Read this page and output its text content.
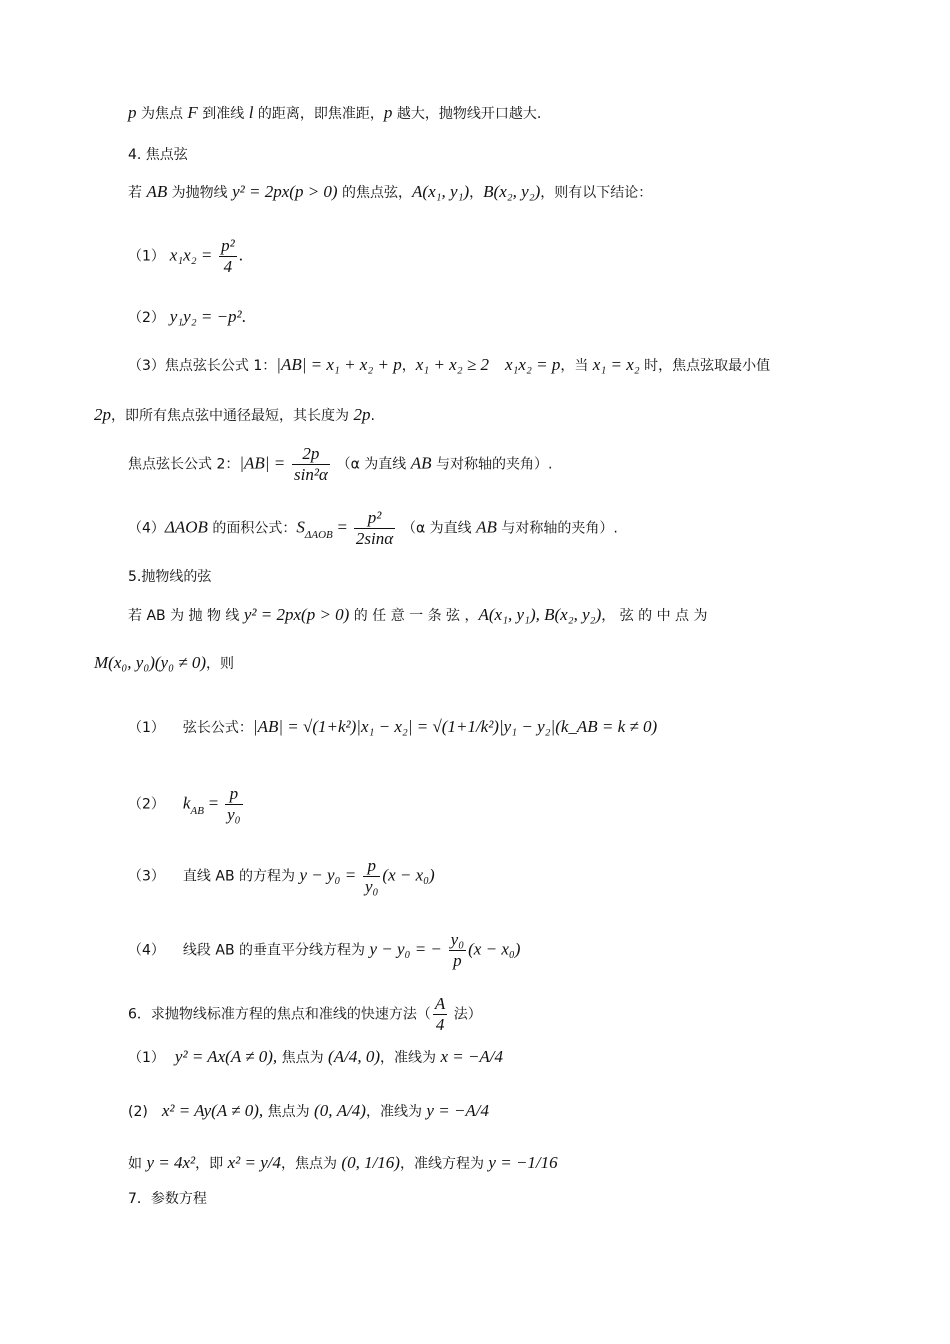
p 为焦点 F 到准线 l 的距离，即焦准距，p 越大，抛物线开口越大.
4. 焦点弦
若 AB 为抛物线 y² = 2px(p > 0) 的焦点弦，A(x₁, y₁)，B(x₂, y₂)，则有以下结论：
（1） $x_1x_2 = \frac{\text{p²}}{4}$ .
（2） y₁y₂ = −p².
（3）焦点弦长公式 1：|AB| = x₁ + x₂ + p，x₁ + x₂ ≥ 2 x₁x₂ = p，当 x₁ = x₂ 时，焦点弦取最小值
2p，即所有焦点弦中通径最短，其长度为 2p.
焦点弦长公式 2：$|AB| = \frac{2p}{\text{sin²α}} (\alpha$ 为直线 AB 与对称轴的夹角）.
（4）ΔAOB 的面积公式：$S_{\Delta AOB} = \frac{\text{p²}}{2\sin\alpha} (\alpha$ 为直线 AB 与对称轴的夹角）.
5.抛物线的弦
若 AB 为 抛 物 线 y² = 2px(p > 0) 的 任 意 一 条 弦 ，A(x₁, y₁), B(x₂, y₂)， 弦 的 中 点 为
M(x₀, y₀)(y₀ ≠ 0)，则
（1） 弦长公式：|AB| = √(1+k²)|x₁ − x₂| = √(1+1/k²)|y₁ − y₂|(k_AB = k ≠ 0)
（2） $k_{AB} = \frac{p}{\text{y₀}}$
（3） 直线 AB 的方程为 $y - y_0 = \frac{p}{\text{y₀}} (x - x_0)$
（4） 线段 AB 的垂直平分线方程为 y − y₀ = − $\frac{\text{y₀}}{p} (x - x_0)$
6．求抛物线标准方程的焦点和准线的快速方法（ $\frac{A}{4}$ 法）
（1） y² = Ax(A ≠ 0), 焦点为 (A/4, 0)，准线为 x = −A/4
(2) x² = Ay(A ≠ 0), 焦点为 (0, A/4)，准线为 y = −A/4
如 y = 4x²，即 x² = y/4，焦点为 (0, 1/16)，准线方程为 y = −1/16
7．参数方程
